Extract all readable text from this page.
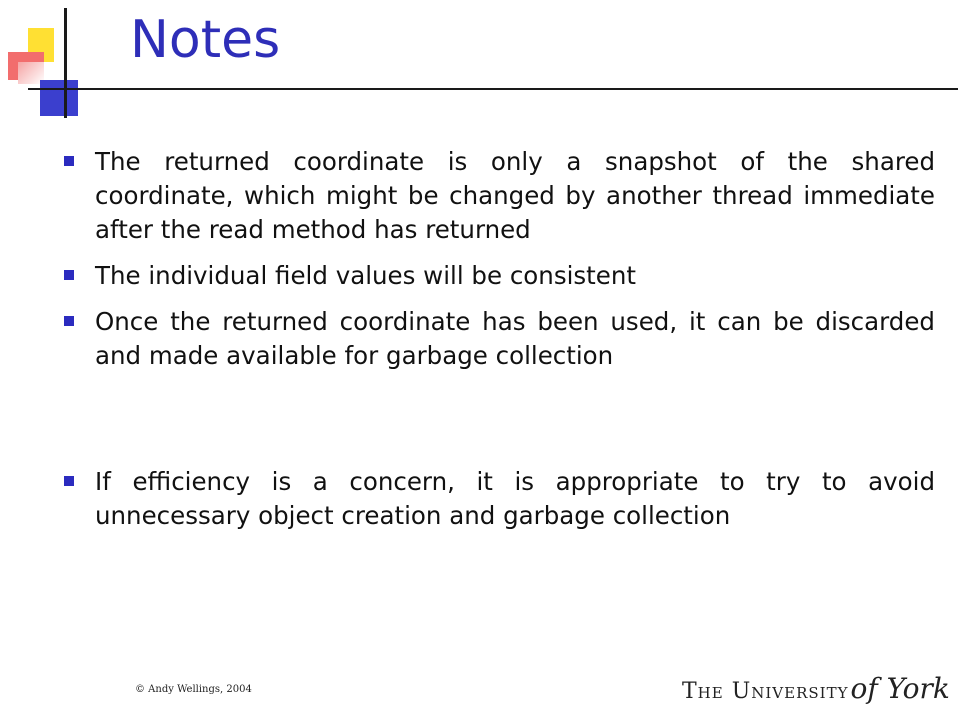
Notes
The returned coordinate is only a snapshot of the shared coordinate, which might be changed by another thread immediate after the read method has returned
The individual field values will be consistent
Once the returned coordinate has been used, it can be discarded and made available for garbage collection
If efficiency is a concern, it is appropriate to try to avoid unnecessary object creation and garbage collection
© Andy Wellings, 2004	The Universityof York
